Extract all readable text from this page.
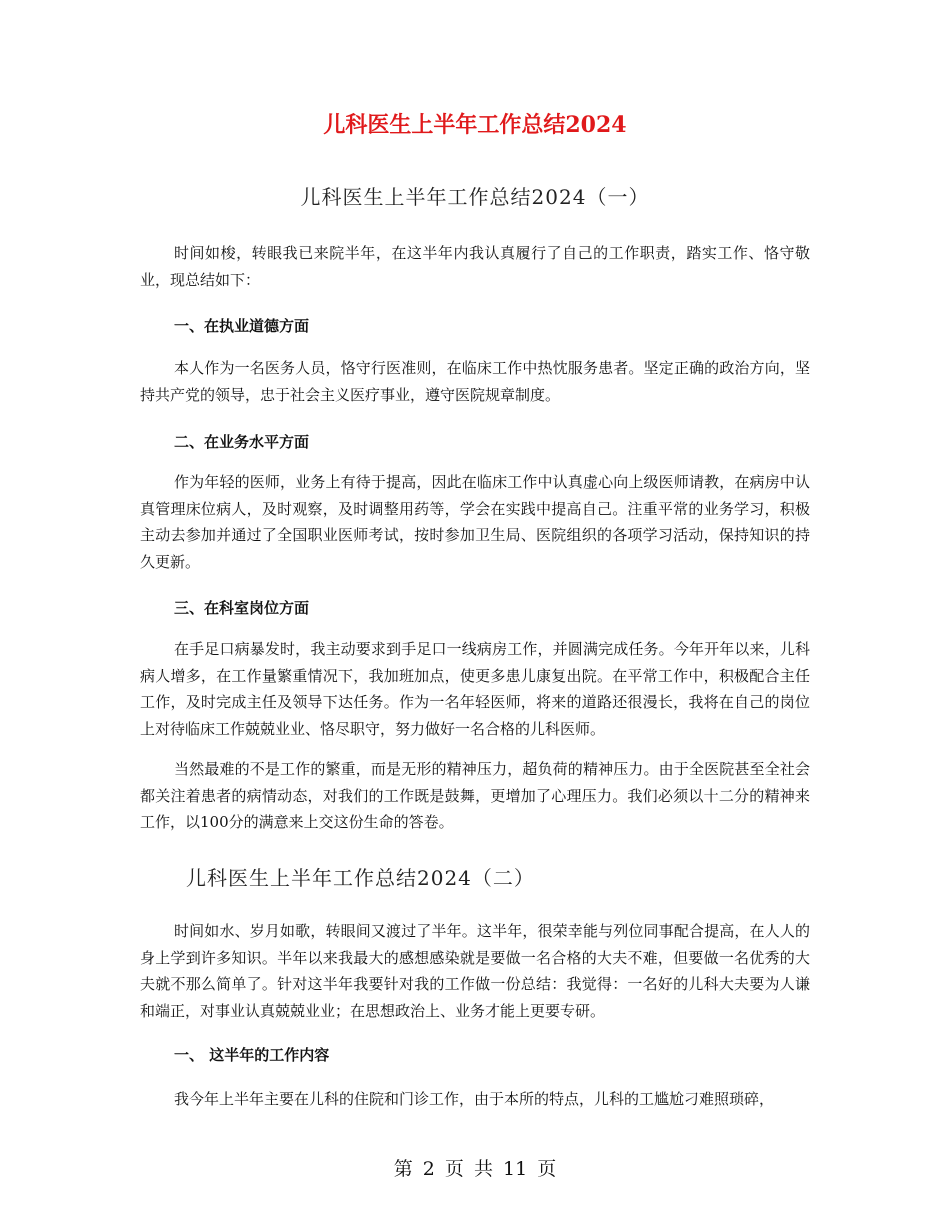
儿科医生上半年工作总结2024
儿科医生上半年工作总结2024（一）
时间如梭，转眼我已来院半年，在这半年内我认真履行了自己的工作职责，踏实工作、恪守敬业，现总结如下：
一、在执业道德方面
本人作为一名医务人员，恪守行医准则，在临床工作中热忱服务患者。坚定正确的政治方向，坚持共产党的领导，忠于社会主义医疗事业，遵守医院规章制度。
二、在业务水平方面
作为年轻的医师，业务上有待于提高，因此在临床工作中认真虚心向上级医师请教，在病房中认真管理床位病人，及时观察，及时调整用药等，学会在实践中提高自己。注重平常的业务学习，积极主动去参加并通过了全国职业医师考试，按时参加卫生局、医院组织的各项学习活动，保持知识的持久更新。
三、在科室岗位方面
在手足口病暴发时，我主动要求到手足口一线病房工作，并圆满完成任务。今年开年以来，儿科病人增多，在工作量繁重情况下，我加班加点，使更多患儿康复出院。在平常工作中，积极配合主任工作，及时完成主任及领导下达任务。作为一名年轻医师，将来的道路还很漫长，我将在自己的岗位上对待临床工作兢兢业业、恪尽职守，努力做好一名合格的儿科医师。
当然最难的不是工作的繁重，而是无形的精神压力，超负荷的精神压力。由于全医院甚至全社会都关注着患者的病情动态，对我们的工作既是鼓舞，更增加了心理压力。我们必须以十二分的精神来工作，以100分的满意来上交这份生命的答卷。
儿科医生上半年工作总结2024（二）
时间如水、岁月如歌，转眼间又渡过了半年。这半年，很荣幸能与列位同事配合提高，在人人的身上学到许多知识。半年以来我最大的感想感染就是要做一名合格的大夫不难，但要做一名优秀的大夫就不那么简单了。针对这半年我要针对我的工作做一份总结：我觉得：一名好的儿科大夫要为人谦和端正，对事业认真兢兢业业；在思想政治上、业务才能上更要专研。
一、 这半年的工作内容
我今年上半年主要在儿科的住院和门诊工作，由于本所的特点，儿科的工尴尬刁难照琐碎，
第 2 页 共 11 页
